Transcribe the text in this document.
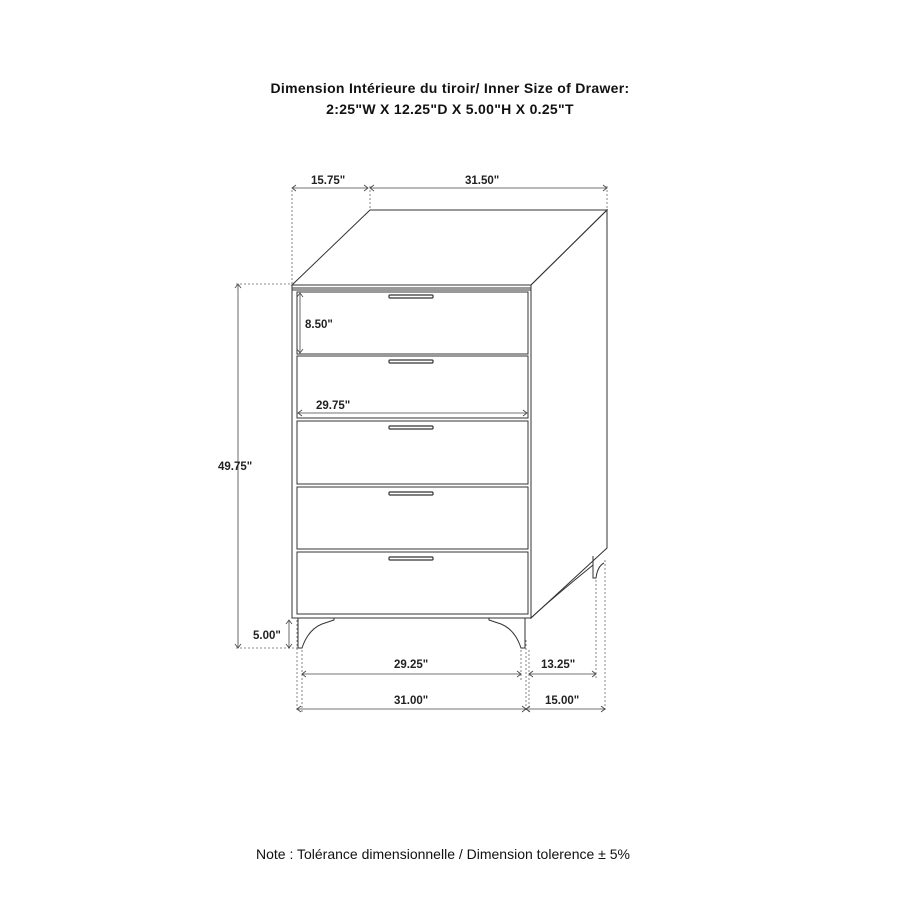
Dimension Intérieure du tiroir/ Inner Size of Drawer:
2:25"W X 12.25"D X 5.00"H X 0.25"T
15.75"	31.50"
8.50"
29.75"
49.75"
5.00"
29.25"	13.25"
31.00"	15.00"
Note : Tolérance dimensionnelle / Dimension tolerence ± 5%
